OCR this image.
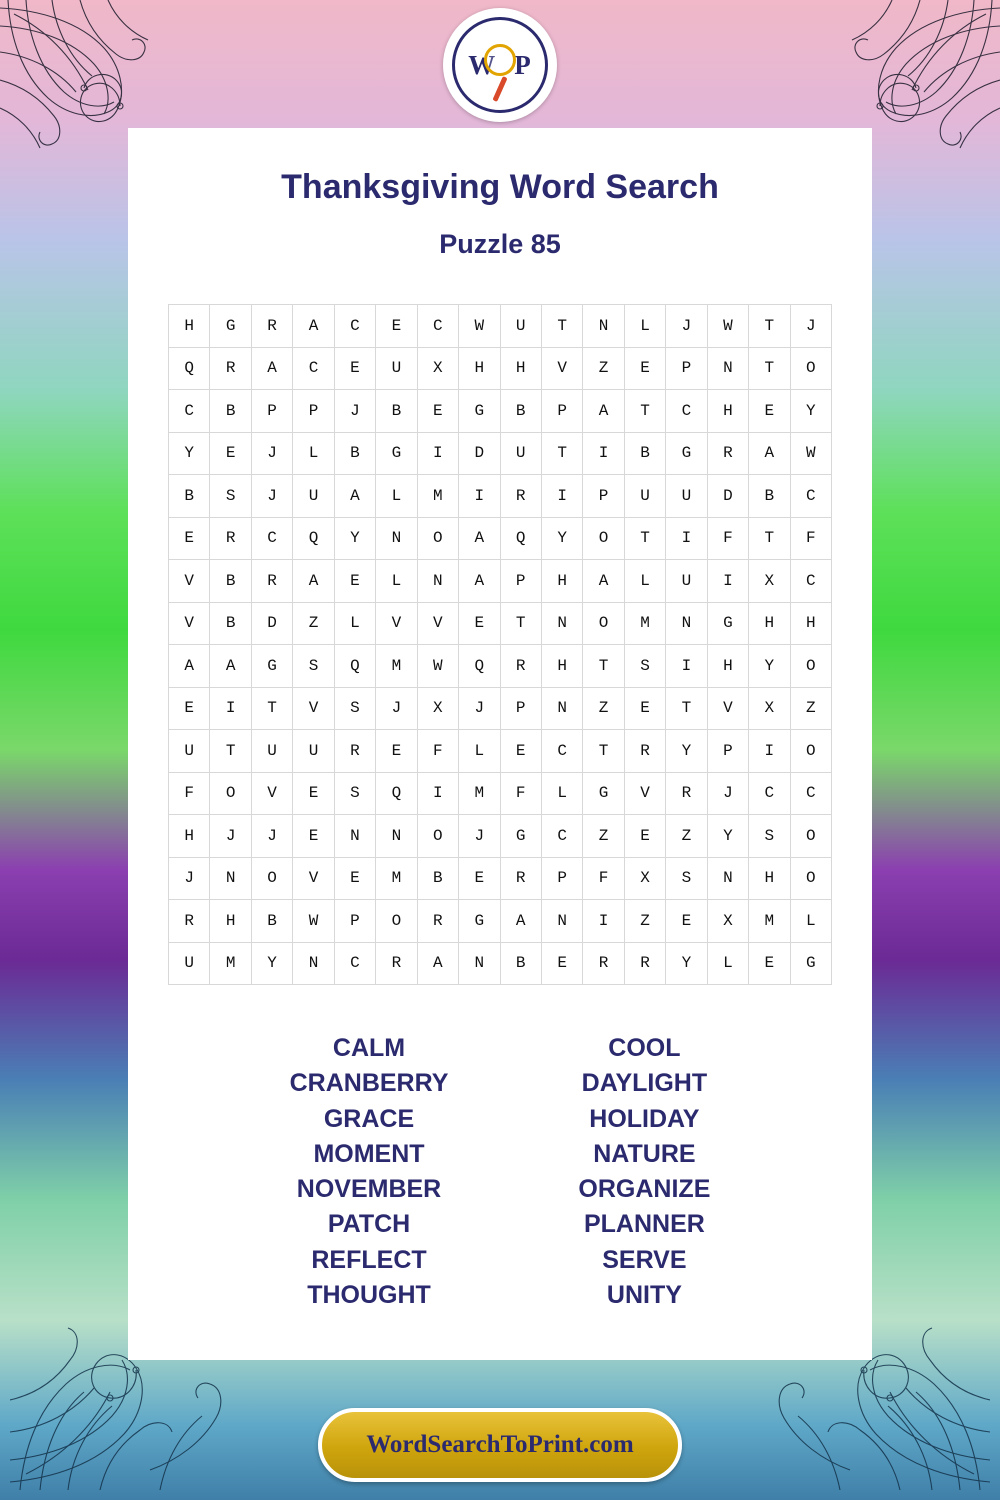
W P
Thanksgiving Word Search
Puzzle 85
H	G	R	A	C	E	C	W	U	T	N	L	J	W	T	J
Q	R	A	C	E	U	X	H	H	V	Z	E	P	N	T	O
C	B	P	P	J	B	E	G	B	P	A	T	C	H	E	Y
Y	E	J	L	B	G	I	D	U	T	I	B	G	R	A	W
B	S	J	U	A	L	M	I	R	I	P	U	U	D	B	C
E	R	C	Q	Y	N	O	A	Q	Y	O	T	I	F	T	F
V	B	R	A	E	L	N	A	P	H	A	L	U	I	X	C
V	B	D	Z	L	V	V	E	T	N	O	M	N	G	H	H
A	A	G	S	Q	M	W	Q	R	H	T	S	I	H	Y	O
E	I	T	V	S	J	X	J	P	N	Z	E	T	V	X	Z
U	T	U	U	R	E	F	L	E	C	T	R	Y	P	I	O
F	O	V	E	S	Q	I	M	F	L	G	V	R	J	C	C
H	J	J	E	N	N	O	J	G	C	Z	E	Z	Y	S	O
J	N	O	V	E	M	B	E	R	P	F	X	S	N	H	O
R	H	B	W	P	O	R	G	A	N	I	Z	E	X	M	L
U	M	Y	N	C	R	A	N	B	E	R	R	Y	L	E	G
CALM
CRANBERRY
GRACE
MOMENT
NOVEMBER
PATCH
REFLECT
THOUGHT
COOL
DAYLIGHT
HOLIDAY
NATURE
ORGANIZE
PLANNER
SERVE
UNITY
WordSearchToPrint.com
